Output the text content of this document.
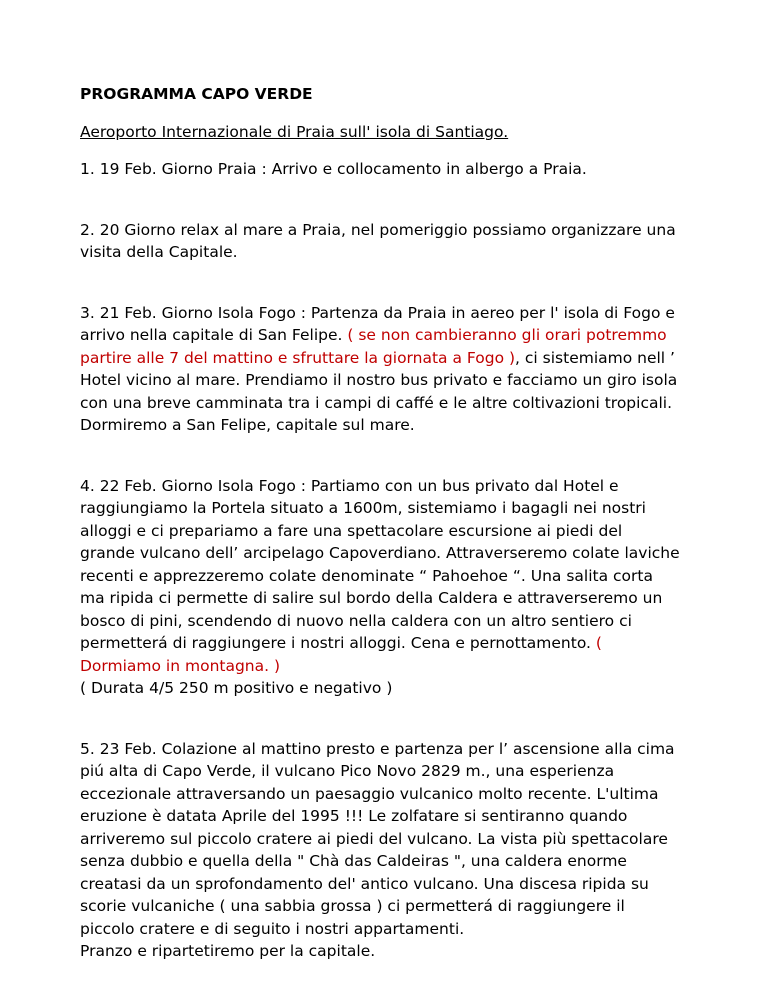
PROGRAMMA CAPO VERDE

Aeroporto Internazionale di Praia sull' isola di Santiago.

1. 19 Feb. Giorno Praia : Arrivo e collocamento in albergo a Praia.

2. 20 Giorno relax al mare a Praia, nel pomeriggio possiamo organizzare una visita della Capitale.

3. 21 Feb. Giorno Isola Fogo : Partenza da Praia in aereo per l' isola di Fogo e arrivo nella capitale di San Felipe. ( se non cambieranno gli orari potremmo partire alle 7 del mattino e sfruttare la giornata a Fogo ), ci sistemiamo nell ’ Hotel vicino al mare. Prendiamo il nostro bus privato e facciamo un giro isola con una breve camminata tra i campi di caffé e le altre coltivazioni tropicali. Dormiremo a San Felipe, capitale sul mare.

4. 22 Feb. Giorno Isola Fogo : Partiamo con un bus privato dal Hotel e raggiungiamo la Portela situato a 1600m, sistemiamo i bagagli nei nostri alloggi e ci prepariamo a fare una spettacolare escursione ai piedi del grande vulcano dell’ arcipelago Capoverdiano. Attraverseremo colate laviche recenti e apprezzeremo colate denominate “ Pahoehoe “. Una salita corta ma ripida ci permette di salire sul bordo della Caldera e attraverseremo un bosco di pini, scendendo di nuovo nella caldera con un altro sentiero ci permetterá di raggiungere i nostri alloggi. Cena e pernottamento. ( Dormiamo in montagna. )
( Durata 4/5 250 m positivo e negativo )

5. 23 Feb. Colazione al mattino presto e partenza per l’ ascensione alla cima piú alta di Capo Verde, il vulcano Pico Novo 2829 m., una esperienza eccezionale attraversando un paesaggio vulcanico molto recente. L'ultima eruzione è datata Aprile del 1995 !!! Le zolfatare si sentiranno quando arriveremo sul piccolo cratere ai piedi del vulcano. La vista più spettacolare senza dubbio e quella della " Chà das Caldeiras ", una caldera enorme creatasi da un sprofondamento del' antico vulcano. Una discesa ripida su scorie vulcaniche ( una sabbia grossa ) ci permetterá di raggiungere il piccolo cratere e di seguito i nostri appartamenti.
Pranzo e ripartetiremo per la capitale.
